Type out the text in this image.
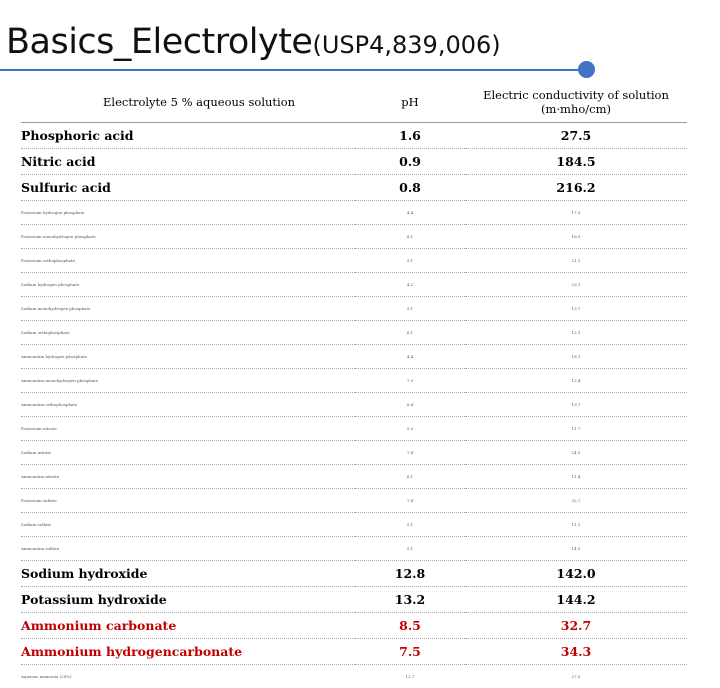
Basics_Electrolyte(USP4,839,006)
Electrolyte 5 % aqueous solution	pH	Electric conductivity of solution
(m·mho/cm)
Phosphoric acid	1.6	27.5
Nitric acid	0.9	184.5
Sulfuric acid	0.8	216.2
Potassium hydrogen phosphate	4.4	17.3
Potassium monohydrogen phosphate	8.1	16.9
Potassium orthophosphate	9.1	21.1
Sodium hydrogen phosphate	4.2	23.1
Sodium monohydrogen phosphate	9.1	13.7
Sodium orthophosphate	6.1	12.1
Ammonium hydrogen phosphate	4.4	18.1
Ammonium monohydrogen phosphate	7.9	12.4
Ammonium orthophosphate	8.4	19.7
Potassium nitrate	5.5	11.7
Sodium nitrate	7.4	24.5
Ammonium nitrate	6.1	11.4
Potassium sulfate	7.4	32.7
Sodium sulfate	5.1	11.1
Ammonium sulfate	5.1	14.5
Sodium hydroxide	12.8	142.0
Potassium hydroxide	13.2	144.2
Ammonium carbonate	8.5	32.7
Ammonium hydrogencarbonate	7.5	34.3
Aqueous ammonia (28%)	12.7	27.5
